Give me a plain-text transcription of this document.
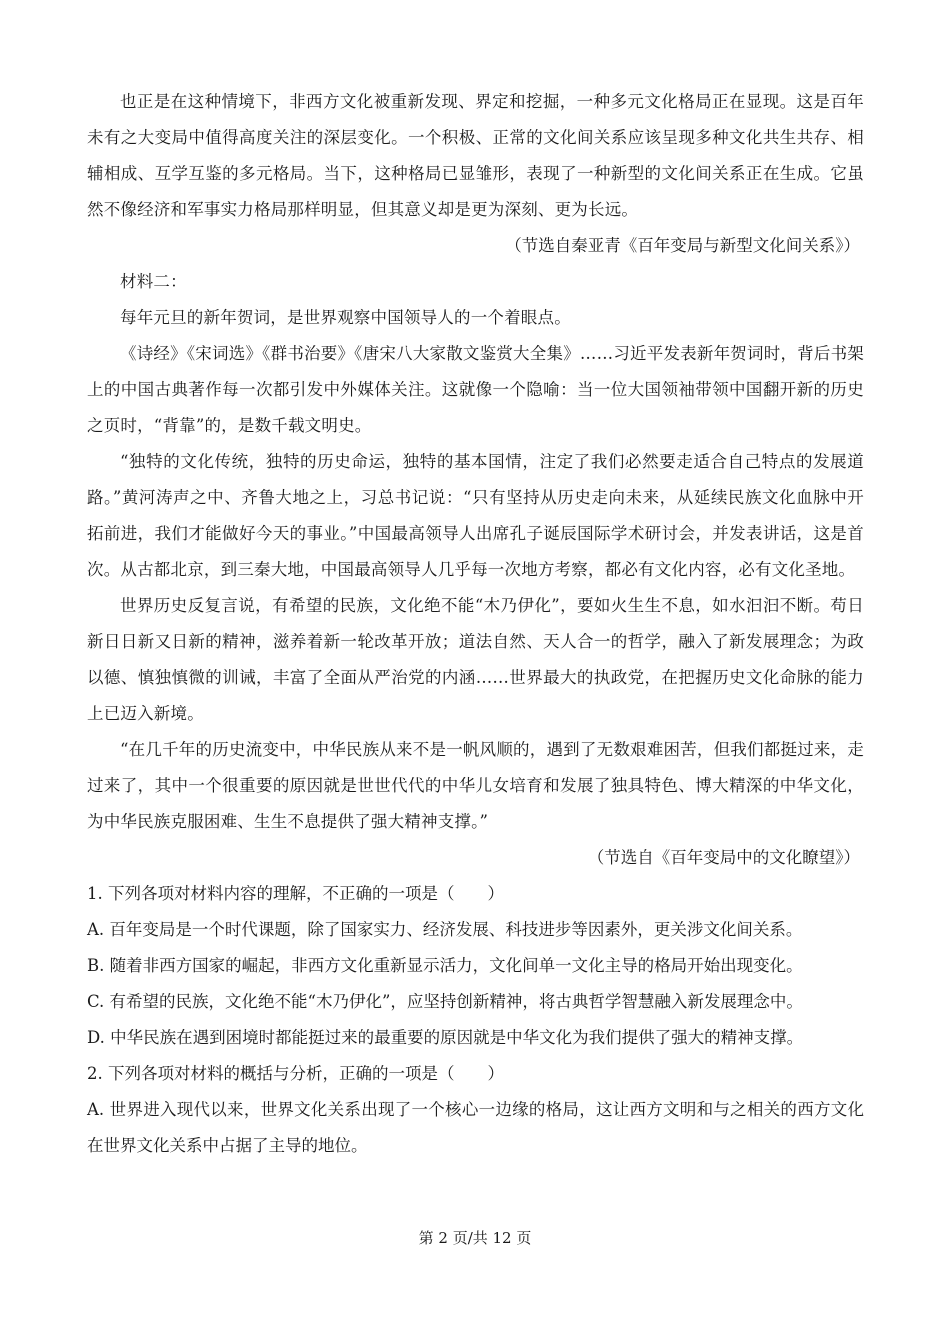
也正是在这种情境下，非西方文化被重新发现、界定和挖掘，一种多元文化格局正在显现。这是百年未有之大变局中值得高度关注的深层变化。一个积极、正常的文化间关系应该呈现多种文化共生共存、相辅相成、互学互鉴的多元格局。当下，这种格局已显雏形，表现了一种新型的文化间关系正在生成。它虽然不像经济和军事实力格局那样明显，但其意义却是更为深刻、更为长远。

（节选自秦亚青《百年变局与新型文化间关系》）

材料二：

每年元旦的新年贺词，是世界观察中国领导人的一个着眼点。

《诗经》《宋词选》《群书治要》《唐宋八大家散文鉴赏大全集》……习近平发表新年贺词时，背后书架上的中国古典著作每一次都引发中外媒体关注。这就像一个隐喻：当一位大国领袖带领中国翻开新的历史之页时，“背靠”的，是数千载文明史。

“独特的文化传统，独特的历史命运，独特的基本国情，注定了我们必然要走适合自己特点的发展道路。”黄河涛声之中、齐鲁大地之上，习总书记说：“只有坚持从历史走向未来，从延续民族文化血脉中开拓前进，我们才能做好今天的事业。”中国最高领导人出席孔子诞辰国际学术研讨会，并发表讲话，这是首次。从古都北京，到三秦大地，中国最高领导人几乎每一次地方考察，都必有文化内容，必有文化圣地。

世界历史反复言说，有希望的民族，文化绝不能“木乃伊化”，要如火生生不息，如水汩汩不断。苟日新日日新又日新的精神，滋养着新一轮改革开放；道法自然、天人合一的哲学，融入了新发展理念；为政以德、慎独慎微的训诫，丰富了全面从严治党的内涵……世界最大的执政党，在把握历史文化命脉的能力上已迈入新境。

“在几千年的历史流变中，中华民族从来不是一帆风顺的，遇到了无数艰难困苦，但我们都挺过来，走过来了，其中一个很重要的原因就是世世代代的中华儿女培育和发展了独具特色、博大精深的中华文化，为中华民族克服困难、生生不息提供了强大精神支撑。”

（节选自《百年变局中的文化瞭望》）

1. 下列各项对材料内容的理解，不正确的一项是（　　）

A. 百年变局是一个时代课题，除了国家实力、经济发展、科技进步等因素外，更关涉文化间关系。

B. 随着非西方国家的崛起，非西方文化重新显示活力，文化间单一文化主导的格局开始出现变化。

C. 有希望的民族，文化绝不能“木乃伊化”，应坚持创新精神，将古典哲学智慧融入新发展理念中。

D. 中华民族在遇到困境时都能挺过来的最重要的原因就是中华文化为我们提供了强大的精神支撑。

2. 下列各项对材料的概括与分析，正确的一项是（　　）

A. 世界进入现代以来，世界文化关系出现了一个核心一边缘的格局，这让西方文明和与之相关的西方文化在世界文化关系中占据了主导的地位。

第 2 页/共 12 页
